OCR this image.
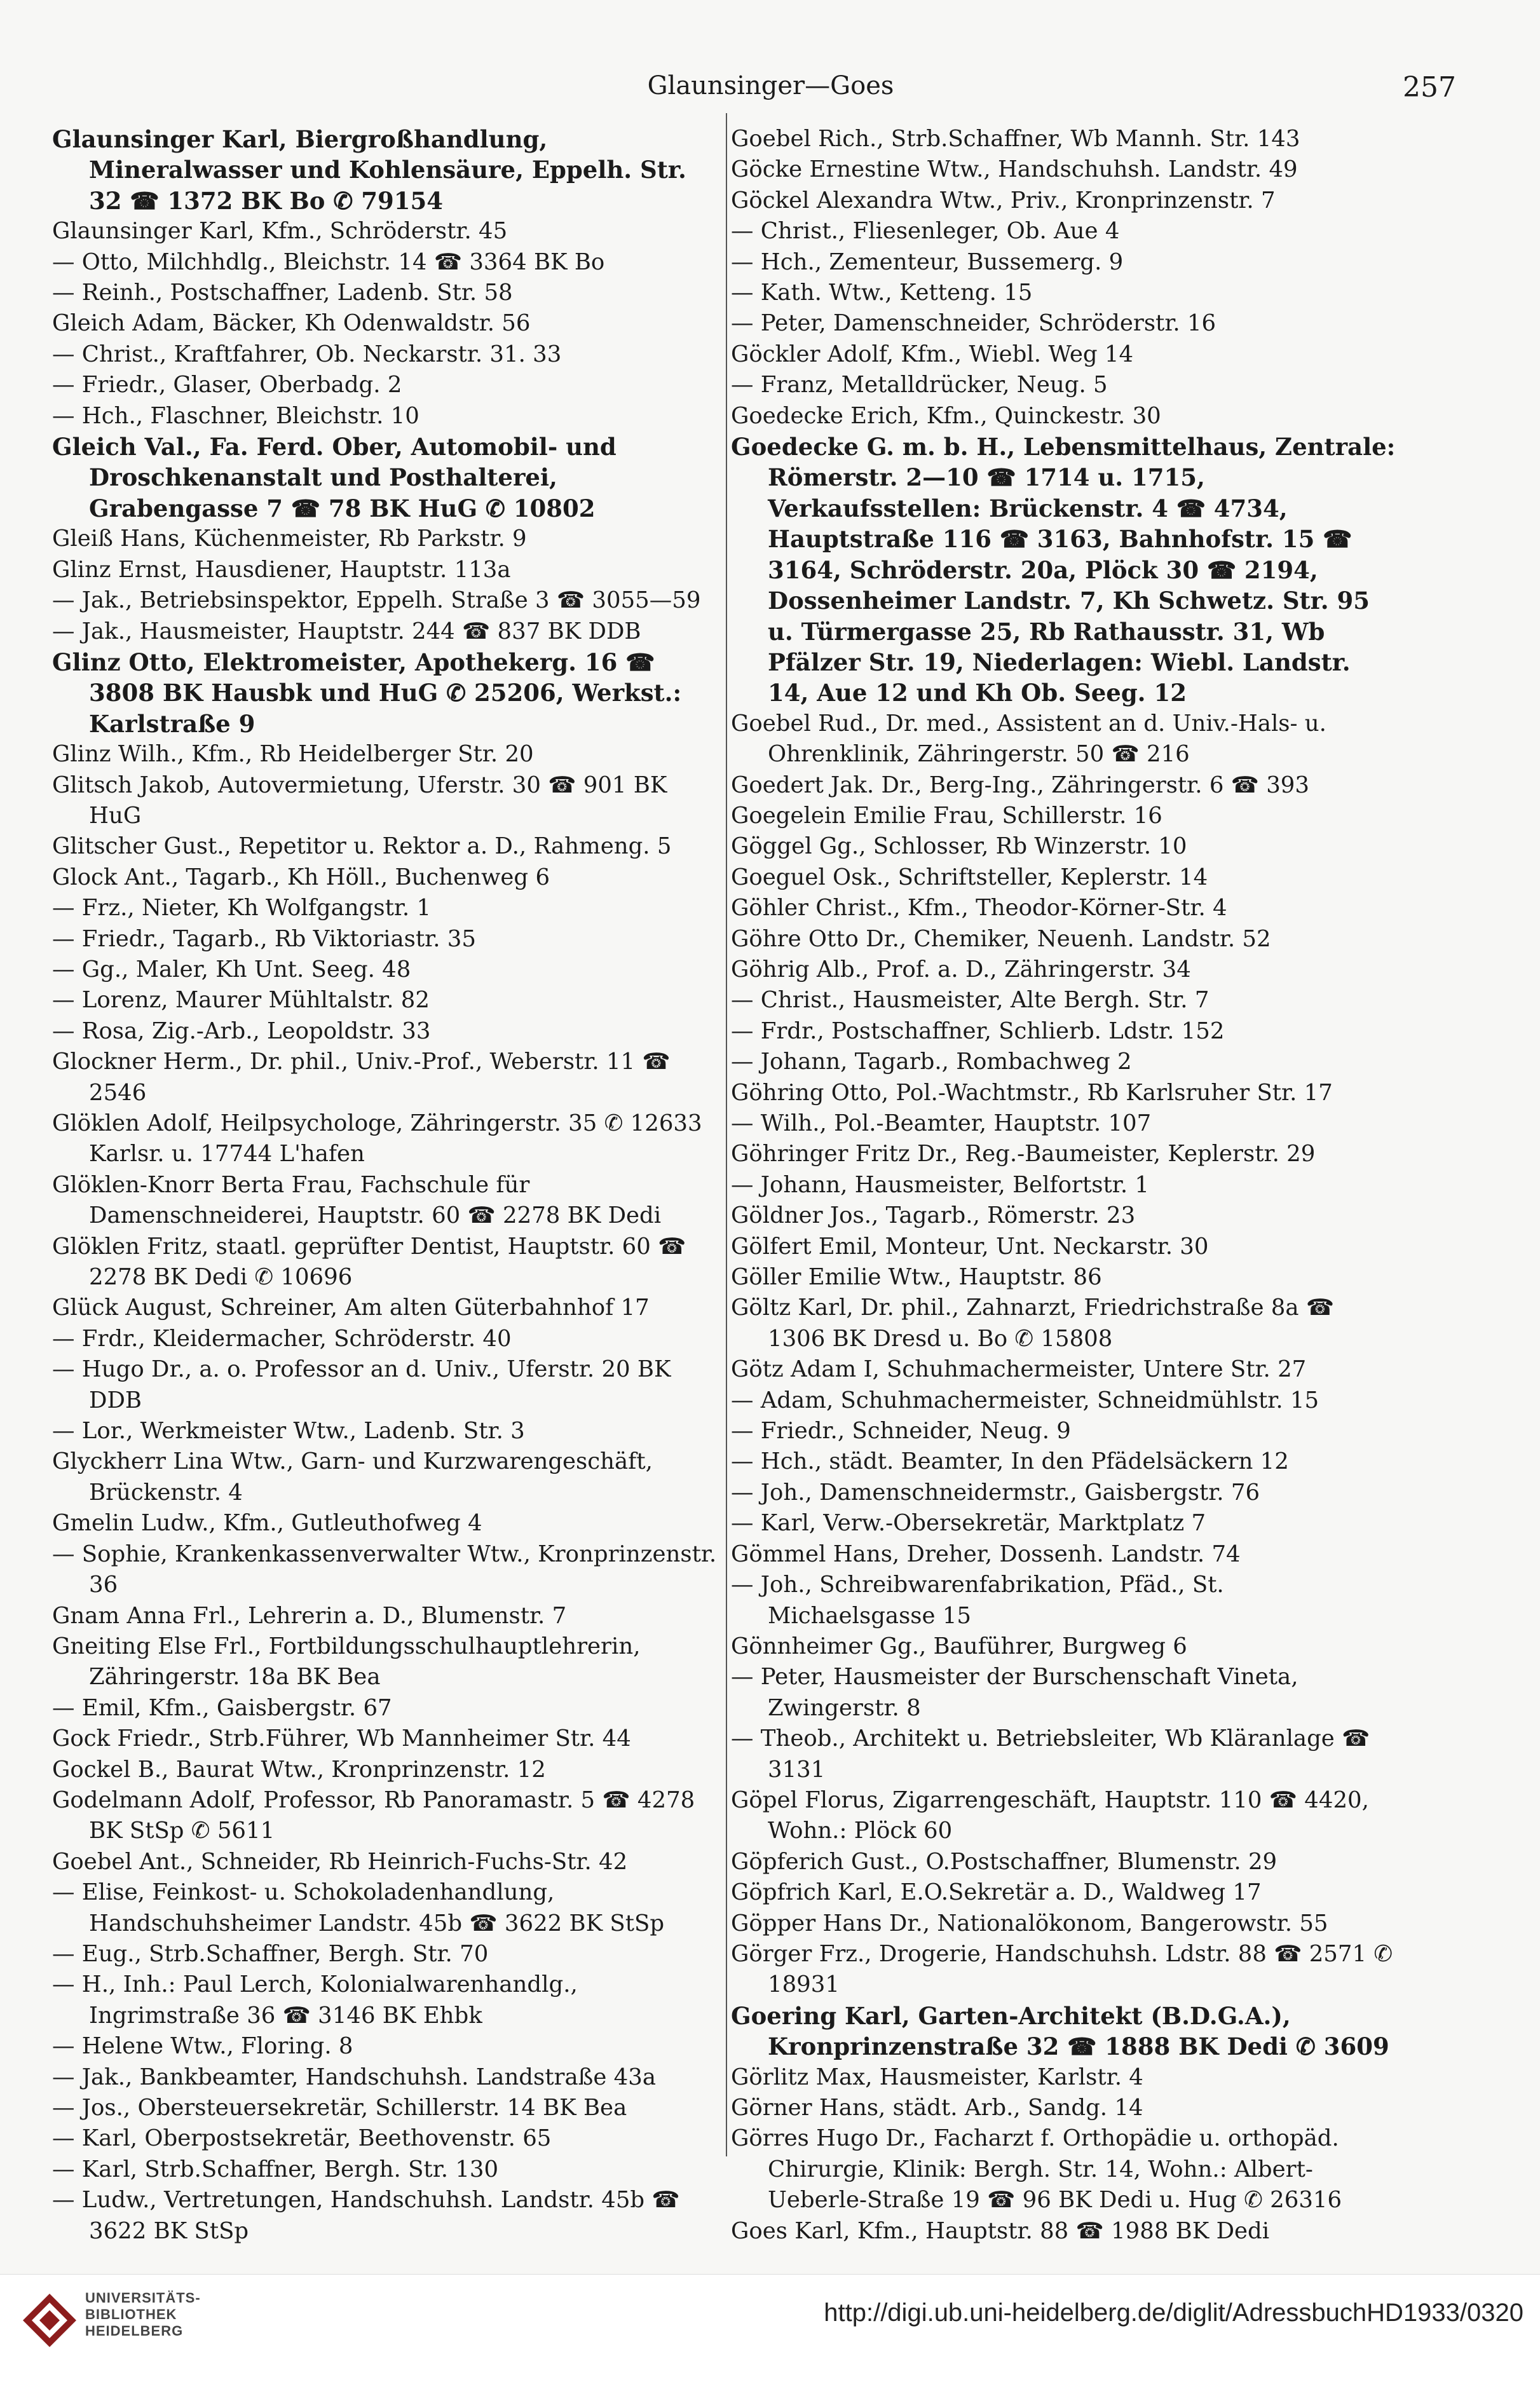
Glaunsinger—Goes	257
Glaunsinger Karl, Biergroßhandlung, Mineralwasser und Kohlensäure, Eppelh. Str. 32 ☎ 1372 BK Bo ✆ 79154
Glaunsinger Karl, Kfm., Schröderstr. 45
— Otto, Milchhdlg., Bleichstr. 14 ☎ 3364 BK Bo
— Reinh., Postschaffner, Ladenb. Str. 58
Gleich Adam, Bäcker, Kh Odenwaldstr. 56
— Christ., Kraftfahrer, Ob. Neckarstr. 31. 33
— Friedr., Glaser, Oberbadg. 2
— Hch., Flaschner, Bleichstr. 10
Gleich Val., Fa. Ferd. Ober, Automobil- und Droschkenanstalt und Posthalterei, Grabengasse 7 ☎ 78 BK HuG ✆ 10802
Gleiß Hans, Küchenmeister, Rb Parkstr. 9
Glinz Ernst, Hausdiener, Hauptstr. 113a
— Jak., Betriebsinspektor, Eppelh. Straße 3 ☎ 3055—59
— Jak., Hausmeister, Hauptstr. 244 ☎ 837 BK DDB
Glinz Otto, Elektromeister, Apothekerg. 16 ☎ 3808 BK Hausbk und HuG ✆ 25206, Werkst.: Karlstraße 9
Glinz Wilh., Kfm., Rb Heidelberger Str. 20
Glitsch Jakob, Autovermietung, Uferstr. 30 ☎ 901 BK HuG
Glitscher Gust., Repetitor u. Rektor a. D., Rahmeng. 5
Glock Ant., Tagarb., Kh Höll., Buchenweg 6
— Frz., Nieter, Kh Wolfgangstr. 1
— Friedr., Tagarb., Rb Viktoriastr. 35
— Gg., Maler, Kh Unt. Seeg. 48
— Lorenz, Maurer Mühltalstr. 82
— Rosa, Zig.-Arb., Leopoldstr. 33
Glockner Herm., Dr. phil., Univ.-Prof., Weberstr. 11 ☎ 2546
Glöklen Adolf, Heilpsychologe, Zähringerstr. 35 ✆ 12633 Karlsr. u. 17744 L'hafen
Glöklen-Knorr Berta Frau, Fachschule für Damenschneiderei, Hauptstr. 60 ☎ 2278 BK Dedi
Glöklen Fritz, staatl. geprüfter Dentist, Hauptstr. 60 ☎ 2278 BK Dedi ✆ 10696
Glück August, Schreiner, Am alten Güterbahnhof 17
— Frdr., Kleidermacher, Schröderstr. 40
— Hugo Dr., a. o. Professor an d. Univ., Uferstr. 20 BK DDB
— Lor., Werkmeister Wtw., Ladenb. Str. 3
Glyckherr Lina Wtw., Garn- und Kurzwarengeschäft, Brückenstr. 4
Gmelin Ludw., Kfm., Gutleuthofweg 4
— Sophie, Krankenkassenverwalter Wtw., Kronprinzenstr. 36
Gnam Anna Frl., Lehrerin a. D., Blumenstr. 7
Gneiting Else Frl., Fortbildungsschulhauptlehrerin, Zähringerstr. 18a BK Bea
— Emil, Kfm., Gaisbergstr. 67
Gock Friedr., Strb.Führer, Wb Mannheimer Str. 44
Gockel B., Baurat Wtw., Kronprinzenstr. 12
Godelmann Adolf, Professor, Rb Panoramastr. 5 ☎ 4278 BK StSp ✆ 5611
Goebel Ant., Schneider, Rb Heinrich-Fuchs-Str. 42
— Elise, Feinkost- u. Schokoladenhandlung, Handschuhsheimer Landstr. 45b ☎ 3622 BK StSp
— Eug., Strb.Schaffner, Bergh. Str. 70
— H., Inh.: Paul Lerch, Kolonialwarenhandlg., Ingrimstraße 36 ☎ 3146 BK Ehbk
— Helene Wtw., Floring. 8
— Jak., Bankbeamter, Handschuhsh. Landstraße 43a
— Jos., Obersteuersekretär, Schillerstr. 14 BK Bea
— Karl, Oberpostsekretär, Beethovenstr. 65
— Karl, Strb.Schaffner, Bergh. Str. 130
— Ludw., Vertretungen, Handschuhsh. Landstr. 45b ☎ 3622 BK StSp
Goebel Rich., Strb.Schaffner, Wb Mannh. Str. 143
Göcke Ernestine Wtw., Handschuhsh. Landstr. 49
Göckel Alexandra Wtw., Priv., Kronprinzenstr. 7
— Christ., Fliesenleger, Ob. Aue 4
— Hch., Zementeur, Bussemerg. 9
— Kath. Wtw., Ketteng. 15
— Peter, Damenschneider, Schröderstr. 16
Göckler Adolf, Kfm., Wiebl. Weg 14
— Franz, Metalldrücker, Neug. 5
Goedecke Erich, Kfm., Quinckestr. 30
Goedecke G. m. b. H., Lebensmittelhaus, Zentrale: Römerstr. 2—10 ☎ 1714 u. 1715, Verkaufsstellen: Brückenstr. 4 ☎ 4734, Hauptstraße 116 ☎ 3163, Bahnhofstr. 15 ☎ 3164, Schröderstr. 20a, Plöck 30 ☎ 2194, Dossenheimer Landstr. 7, Kh Schwetz. Str. 95 u. Türmergasse 25, Rb Rathausstr. 31, Wb Pfälzer Str. 19, Niederlagen: Wiebl. Landstr. 14, Aue 12 und Kh Ob. Seeg. 12
Goebel Rud., Dr. med., Assistent an d. Univ.-Hals- u. Ohrenklinik, Zähringerstr. 50 ☎ 216
Goedert Jak. Dr., Berg-Ing., Zähringerstr. 6 ☎ 393
Goegelein Emilie Frau, Schillerstr. 16
Göggel Gg., Schlosser, Rb Winzerstr. 10
Goeguel Osk., Schriftsteller, Keplerstr. 14
Göhler Christ., Kfm., Theodor-Körner-Str. 4
Göhre Otto Dr., Chemiker, Neuenh. Landstr. 52
Göhrig Alb., Prof. a. D., Zähringerstr. 34
— Christ., Hausmeister, Alte Bergh. Str. 7
— Frdr., Postschaffner, Schlierb. Ldstr. 152
— Johann, Tagarb., Rombachweg 2
Göhring Otto, Pol.-Wachtmstr., Rb Karlsruher Str. 17
— Wilh., Pol.-Beamter, Hauptstr. 107
Göhringer Fritz Dr., Reg.-Baumeister, Keplerstr. 29
— Johann, Hausmeister, Belfortstr. 1
Göldner Jos., Tagarb., Römerstr. 23
Gölfert Emil, Monteur, Unt. Neckarstr. 30
Göller Emilie Wtw., Hauptstr. 86
Göltz Karl, Dr. phil., Zahnarzt, Friedrichstraße 8a ☎ 1306 BK Dresd u. Bo ✆ 15808
Götz Adam I, Schuhmachermeister, Untere Str. 27
— Adam, Schuhmachermeister, Schneidmühlstr. 15
— Friedr., Schneider, Neug. 9
— Hch., städt. Beamter, In den Pfädelsäckern 12
— Joh., Damenschneidermstr., Gaisbergstr. 76
— Karl, Verw.-Obersekretär, Marktplatz 7
Gömmel Hans, Dreher, Dossenh. Landstr. 74
— Joh., Schreibwarenfabrikation, Pfäd., St. Michaelsgasse 15
Gönnheimer Gg., Bauführer, Burgweg 6
— Peter, Hausmeister der Burschenschaft Vineta, Zwingerstr. 8
— Theob., Architekt u. Betriebsleiter, Wb Kläranlage ☎ 3131
Göpel Florus, Zigarrengeschäft, Hauptstr. 110 ☎ 4420, Wohn.: Plöck 60
Göpferich Gust., O.Postschaffner, Blumenstr. 29
Göpfrich Karl, E.O.Sekretär a. D., Waldweg 17
Göpper Hans Dr., Nationalökonom, Bangerowstr. 55
Görger Frz., Drogerie, Handschuhsh. Ldstr. 88 ☎ 2571 ✆ 18931
Goering Karl, Garten-Architekt (B.D.G.A.), Kronprinzenstraße 32 ☎ 1888 BK Dedi ✆ 3609
Görlitz Max, Hausmeister, Karlstr. 4
Görner Hans, städt. Arb., Sandg. 14
Görres Hugo Dr., Facharzt f. Orthopädie u. orthopäd. Chirurgie, Klinik: Bergh. Str. 14, Wohn.: Albert-Ueberle-Straße 19 ☎ 96 BK Dedi u. Hug ✆ 26316
Goes Karl, Kfm., Hauptstr. 88 ☎ 1988 BK Dedi
UNIVERSITÄTS-
BIBLIOTHEK
HEIDELBERG
http://digi.ub.uni-heidelberg.de/diglit/AdressbuchHD1933/0320
